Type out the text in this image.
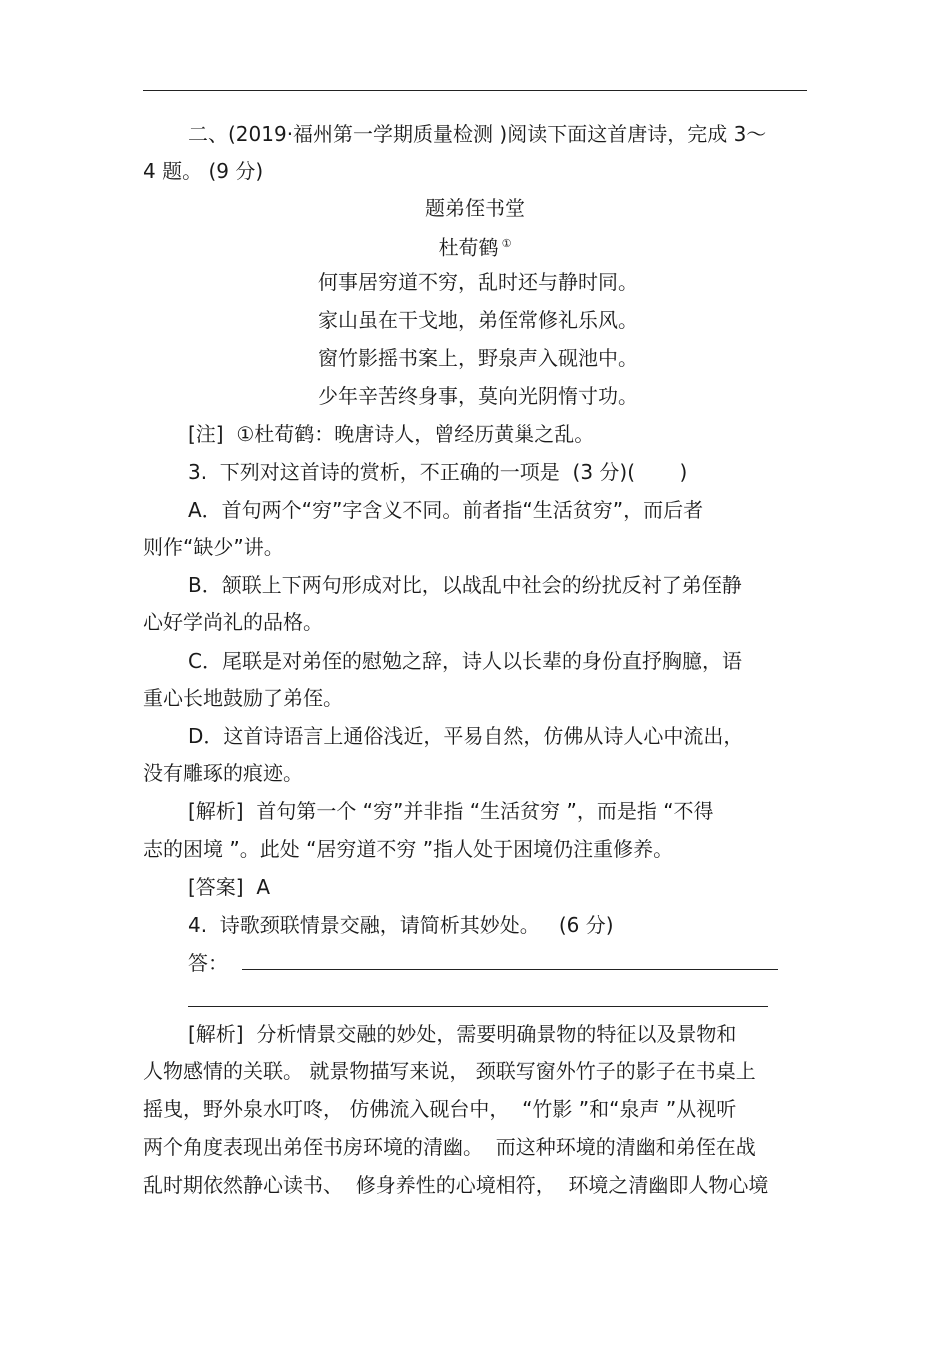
二、(2019·福州第一学期质量检测 )阅读下面这首唐诗，完成 3～
4 题。 (9 分)
题弟侄书堂
杜荀鹤 ①
何事居穷道不穷，乱时还与静时同。
家山虽在干戈地，弟侄常修礼乐风。
窗竹影摇书案上，野泉声入砚池中。
少年辛苦终身事，莫向光阴惰寸功。
[注]  ①杜荀鹤：晚唐诗人，曾经历黄巢之乱。
3.  下列对这首诗的赏析，不正确的一项是  (3 分)(       )
A．首句两个“穷”字含义不同。前者指“生活贫穷”，而后者
则作“缺少”讲。
B．颔联上下两句形成对比，以战乱中社会的纷扰反衬了弟侄静
心好学尚礼的品格。
C．尾联是对弟侄的慰勉之辞，诗人以长辈的身份直抒胸臆，语
重心长地鼓励了弟侄。
D．这首诗语言上通俗浅近，平易自然，仿佛从诗人心中流出，
没有雕琢的痕迹。
[解析]  首句第一个 “穷”并非指 “生活贫穷 ”，而是指 “不得
志的困境 ”。此处 “居穷道不穷 ”指人处于困境仍注重修养。
[答案]  A
4.  诗歌颈联情景交融，请简析其妙处。   (6 分)
答：
[解析]  分析情景交融的妙处，需要明确景物的特征以及景物和
人物感情的关联。 就景物描写来说， 颈联写窗外竹子的影子在书桌上
摇曳，野外泉水叮咚， 仿佛流入砚台中，  “竹影 ”和“泉声 ”从视听
两个角度表现出弟侄书房环境的清幽。  而这种环境的清幽和弟侄在战
乱时期依然静心读书、  修身养性的心境相符，  环境之清幽即人物心境
